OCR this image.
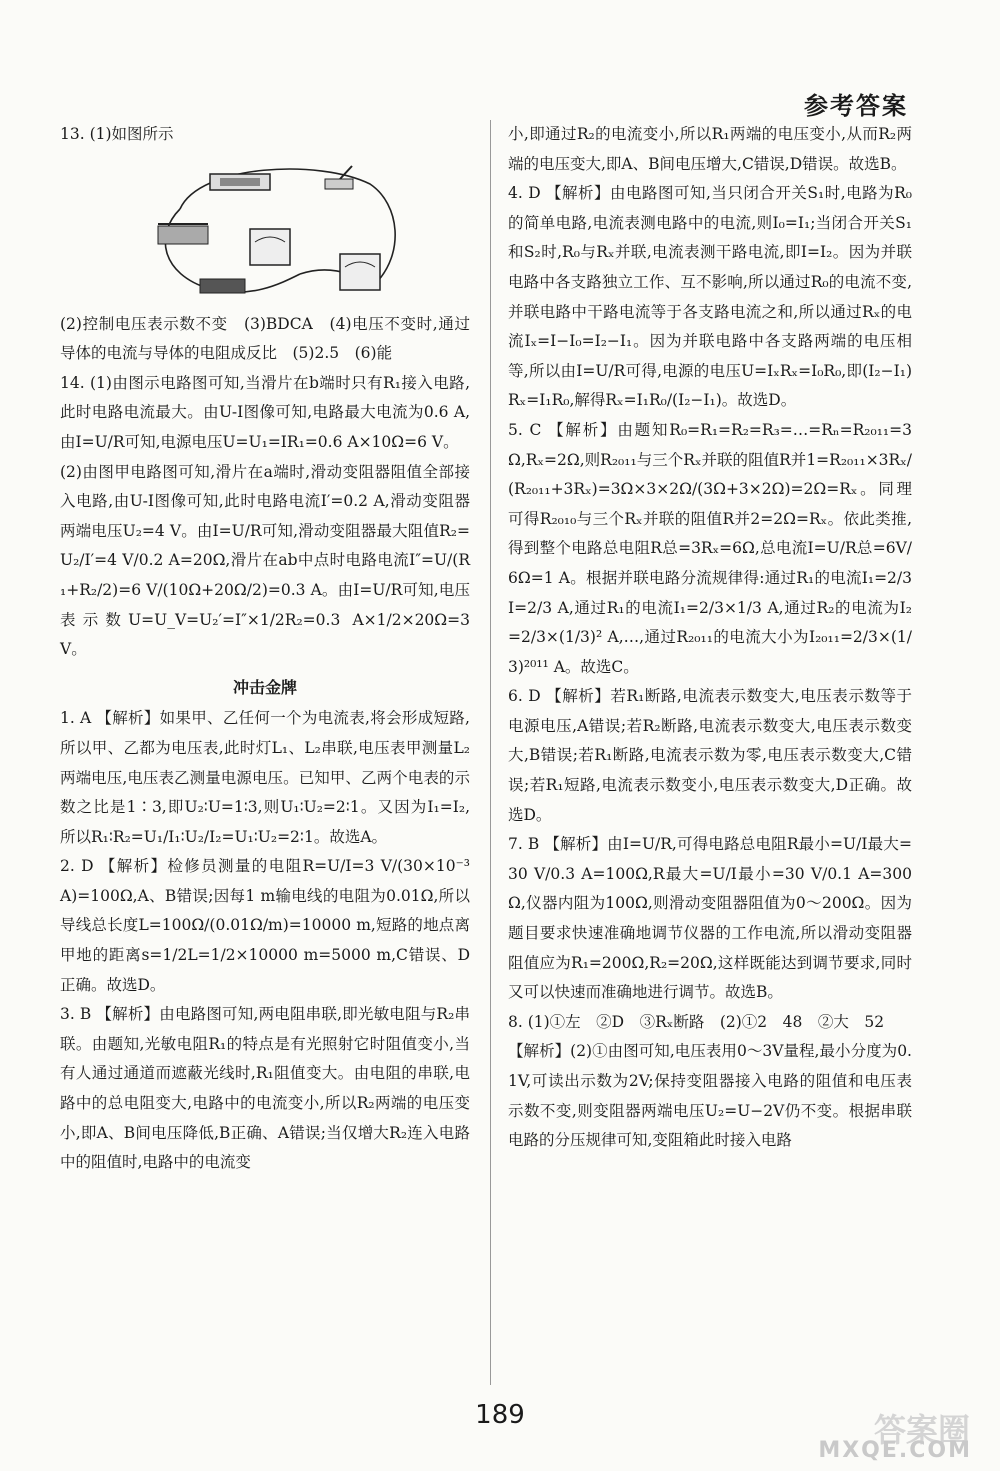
参考答案

13. (1)如图所示

(2)控制电压表示数不变　(3)BDCA　(4)电压不变时,通过导体的电流与导体的电阻成反比　(5)2.5　(6)能

14. (1)由图示电路图可知,当滑片在b端时只有R₁接入电路,此时电路电流最大。由U-I图像可知,电路最大电流为0.6 A,由I=U/R可知,电源电压U=U₁=IR₁=0.6 A×10Ω=6 V。

(2)由图甲电路图可知,滑片在a端时,滑动变阻器阻值全部接入电路,由U-I图像可知,此时电路电流I′=0.2 A,滑动变阻器两端电压U₂=4 V。由I=U/R可知,滑动变阻器最大阻值R₂=U₂/I′=4 V/0.2 A=20Ω,滑片在ab中点时电路电流I″=U/(R₁+R₂/2)=6 V/(10Ω+20Ω/2)=0.3 A。由I=U/R可知,电压表示数U=U_V=U₂′=I″×1/2R₂=0.3 A×1/2×20Ω=3 V。

冲击金牌

1. A 【解析】如果甲、乙任何一个为电流表,将会形成短路,所以甲、乙都为电压表,此时灯L₁、L₂串联,电压表甲测量L₂两端电压,电压表乙测量电源电压。已知甲、乙两个电表的示数之比是1∶3,即U₂∶U=1∶3,则U₁∶U₂=2∶1。又因为I₁=I₂,所以R₁∶R₂=U₁/I₁∶U₂/I₂=U₁∶U₂=2∶1。故选A。

2. D 【解析】检修员测量的电阻R=U/I=3 V/(30×10⁻³ A)=100Ω,A、B错误;因每1 m输电线的电阻为0.01Ω,所以导线总长度L=100Ω/(0.01Ω/m)=10000 m,短路的地点离甲地的距离s=1/2L=1/2×10000 m=5000 m,C错误、D正确。故选D。

3. B 【解析】由电路图可知,两电阻串联,即光敏电阻与R₂串联。由题知,光敏电阻R₁的特点是有光照射它时阻值变小,当有人通过通道而遮蔽光线时,R₁阻值变大。由电阻的串联,电路中的总电阻变大,电路中的电流变小,所以R₂两端的电压变小,即A、B间电压降低,B正确、A错误;当仅增大R₂连入电路中的阻值时,电路中的电流变

小,即通过R₂的电流变小,所以R₁两端的电压变小,从而R₂两端的电压变大,即A、B间电压增大,C错误,D错误。故选B。

4. D 【解析】由电路图可知,当只闭合开关S₁时,电路为R₀的简单电路,电流表测电路中的电流,则I₀=I₁;当闭合开关S₁和S₂时,R₀与Rₓ并联,电流表测干路电流,即I=I₂。因为并联电路中各支路独立工作、互不影响,所以通过R₀的电流不变,并联电路中干路电流等于各支路电流之和,所以通过Rₓ的电流Iₓ=I−I₀=I₂−I₁。因为并联电路中各支路两端的电压相等,所以由I=U/R可得,电源的电压U=IₓRₓ=I₀R₀,即(I₂−I₁)Rₓ=I₁R₀,解得Rₓ=I₁R₀/(I₂−I₁)。故选D。

5. C 【解析】由题知R₀=R₁=R₂=R₃=…=Rₙ=R₂₀₁₁=3Ω,Rₓ=2Ω,则R₂₀₁₁与三个Rₓ并联的阻值R并1=R₂₀₁₁×3Rₓ/(R₂₀₁₁+3Rₓ)=3Ω×3×2Ω/(3Ω+3×2Ω)=2Ω=Rₓ。同理可得R₂₀₁₀与三个Rₓ并联的阻值R并2=2Ω=Rₓ。依此类推,得到整个电路总电阻R总=3Rₓ=6Ω,总电流I=U/R总=6V/6Ω=1 A。根据并联电路分流规律得:通过R₁的电流I₁=2/3I=2/3 A,通过R₁的电流I₁=2/3×1/3 A,通过R₂的电流为I₂=2/3×(1/3)² A,…,通过R₂₀₁₁的电流大小为I₂₀₁₁=2/3×(1/3)²⁰¹¹ A。故选C。

6. D 【解析】若R₁断路,电流表示数变大,电压表示数等于电源电压,A错误;若R₂断路,电流表示数变大,电压表示数变大,B错误;若R₁断路,电流表示数为零,电压表示数变大,C错误;若R₁短路,电流表示数变小,电压表示数变大,D正确。故选D。

7. B 【解析】由I=U/R,可得电路总电阻R最小=U/I最大=30 V/0.3 A=100Ω,R最大=U/I最小=30 V/0.1 A=300Ω,仪器内阻为100Ω,则滑动变阻器阻值为0～200Ω。因为题目要求快速准确地调节仪器的工作电流,所以滑动变阻器阻值应为R₁=200Ω,R₂=20Ω,这样既能达到调节要求,同时又可以快速而准确地进行调节。故选B。

8. (1)①左　②D　③Rₓ断路　(2)①2　48　②大　52

【解析】(2)①由图可知,电压表用0～3V量程,最小分度为0.1V,可读出示数为2V;保持变阻器接入电路的阻值和电压表示数不变,则变阻器两端电压U₂=U−2V仍不变。根据串联电路的分压规律可知,变阻箱此时接入电路

189	答案圈
MXQE.COM
